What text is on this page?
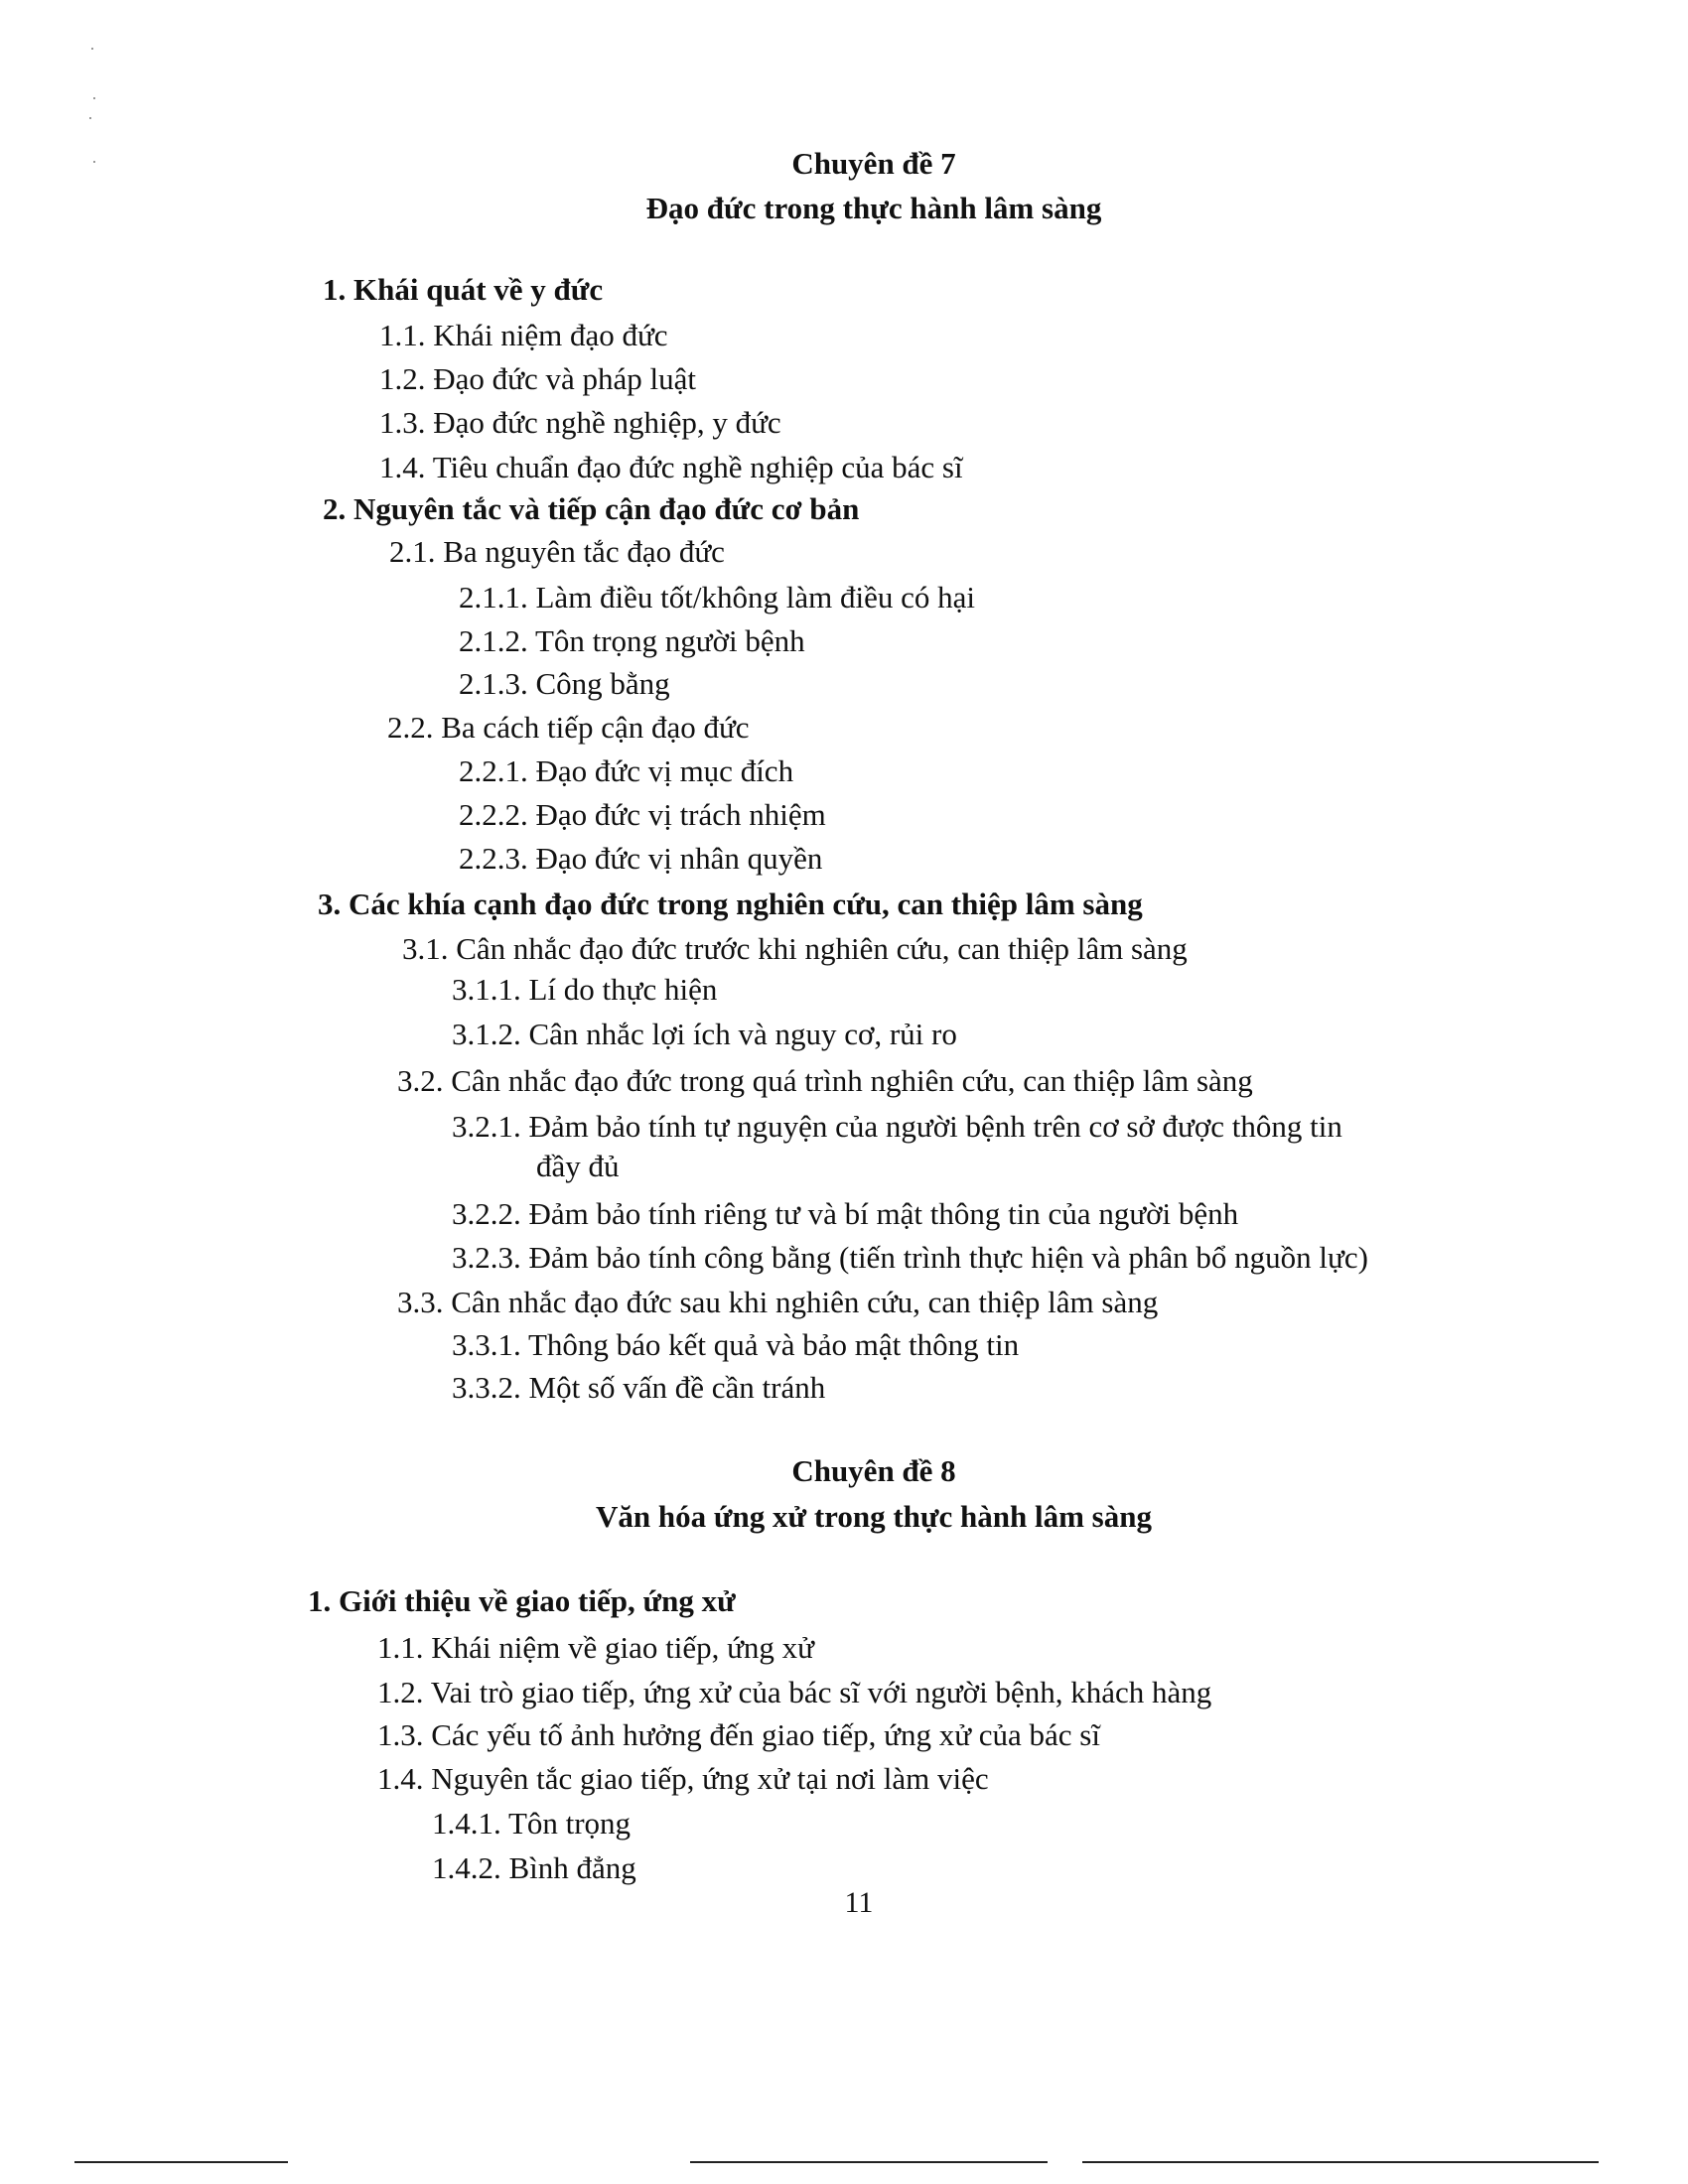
Chuyên đề 7
Đạo đức trong thực hành lâm sàng
1. Khái quát về y đức
1.1. Khái niệm đạo đức
1.2. Đạo đức và pháp luật
1.3. Đạo đức nghề nghiệp, y đức
1.4. Tiêu chuẩn đạo đức nghề nghiệp của bác sĩ
2. Nguyên tắc và tiếp cận đạo đức cơ bản
2.1. Ba nguyên tắc đạo đức
2.1.1. Làm điều tốt/không làm điều có hại
2.1.2. Tôn trọng người bệnh
2.1.3. Công bằng
2.2. Ba cách tiếp cận đạo đức
2.2.1. Đạo đức vị mục đích
2.2.2. Đạo đức vị trách nhiệm
2.2.3. Đạo đức vị nhân quyền
3. Các khía cạnh đạo đức trong nghiên cứu, can thiệp lâm sàng
3.1. Cân nhắc đạo đức trước khi nghiên cứu, can thiệp lâm sàng
3.1.1. Lí do thực hiện
3.1.2. Cân nhắc lợi ích và nguy cơ, rủi ro
3.2. Cân nhắc đạo đức trong quá trình nghiên cứu, can thiệp lâm sàng
3.2.1. Đảm bảo tính tự nguyện của người bệnh trên cơ sở được thông tin
đầy đủ
3.2.2. Đảm bảo tính riêng tư và bí mật thông tin của người bệnh
3.2.3. Đảm bảo tính công bằng (tiến trình thực hiện và phân bổ nguồn lực)
3.3. Cân nhắc đạo đức sau khi nghiên cứu, can thiệp lâm sàng
3.3.1. Thông báo kết quả và bảo mật thông tin
3.3.2. Một số vấn đề cần tránh
Chuyên đề 8
Văn hóa ứng xử trong thực hành lâm sàng
1. Giới thiệu về giao tiếp, ứng xử
1.1. Khái niệm về giao tiếp, ứng xử
1.2. Vai trò giao tiếp, ứng xử của bác sĩ với người bệnh, khách hàng
1.3. Các yếu tố ảnh hưởng đến giao tiếp, ứng xử của bác sĩ
1.4. Nguyên tắc giao tiếp, ứng xử tại nơi làm việc
1.4.1. Tôn trọng
1.4.2. Bình đẳng
11
